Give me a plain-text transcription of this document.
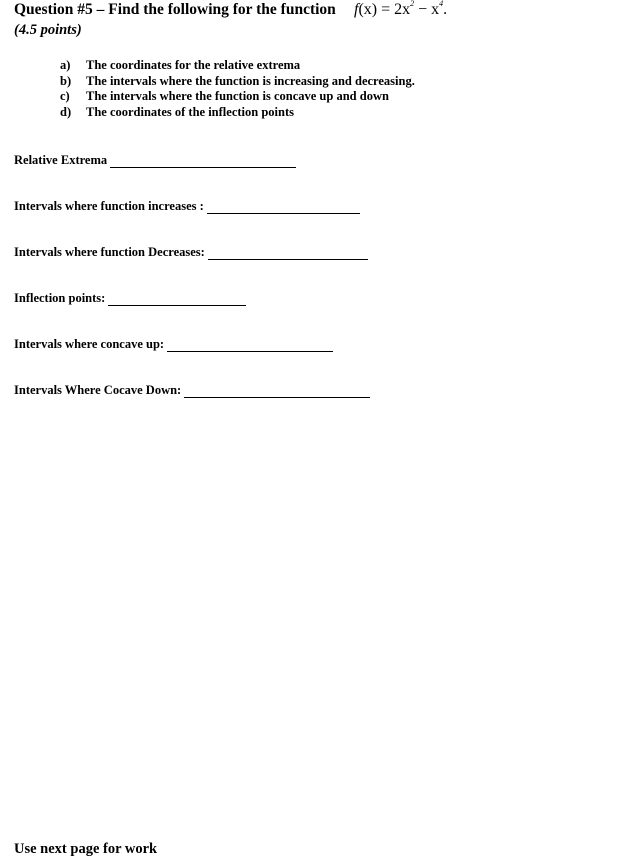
Question #5 – Find the following for the function $f(x) = 2x^2 - x^4$.
(4.5 points)
a)	The coordinates for the relative extrema
b)	The intervals where the function is increasing and decreasing.
c)	The intervals where the function is concave up and down
d)	The coordinates of the inflection points
Relative Extrema
Intervals where function increases :
Intervals where function Decreases:
Inflection points:
Intervals where concave up:
Intervals Where Cocave Down:
Use next page for work
